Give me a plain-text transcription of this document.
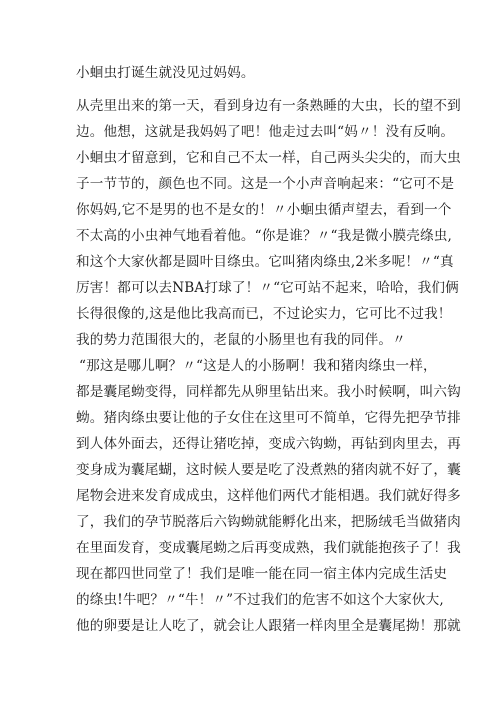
小蛔虫打诞生就没见过妈妈。
从壳里出来的第一天，看到身边有一条熟睡的大虫，长的望不到
边。他想，这就是我妈妈了吧！他走过去叫“妈〃！没有反响。
小蛔虫才留意到，它和自己不太一样，自己两头尖尖的，而大虫
子一节节的，颜色也不同。这是一个小声音响起来：“它可不是
你妈妈,它不是男的也不是女的！〃小蛔虫循声望去，看到一个
不太高的小虫神气地看着他。“你是谁？〃“我是微小膜壳绦虫,
和这个大家伙都是圆叶目绦虫。它叫猪肉绦虫,2米多呢！〃“真
厉害！都可以去NBA打球了！〃“它可站不起来，哈哈，我们俩
长得很像的,这是他比我高而已，不过论实力，它可比不过我！
我的势力范围很大的，老鼠的小肠里也有我的同伴。〃
“那这是哪儿啊？〃“这是人的小肠啊！我和猪肉绦虫一样，
都是囊尾蚴变得，同样都先从卵里钻出来。我小时候啊，叫六钩
蚴。猪肉绦虫要让他的子女住在这里可不简单，它得先把孕节排
到人体外面去，还得让猪吃掉，变成六钩蚴，再钻到肉里去，再
变身成为囊尾蝴，这时候人要是吃了没煮熟的猪肉就不好了，囊
尾物会进来发育成成虫，这样他们两代才能相遇。我们就好得多
了，我们的孕节脱落后六钩蚴就能孵化出来，把肠绒毛当做猪肉
在里面发育，变成囊尾蚴之后再变成熟，我们就能抱孩子了！我
现在都四世同堂了！我们是唯一能在同一宿主体内完成生活史
的绦虫!牛吧？〃“牛！〃”不过我们的危害不如这个大家伙大,
他的卵要是让人吃了，就会让人跟猪一样肉里全是囊尾拗！那就
